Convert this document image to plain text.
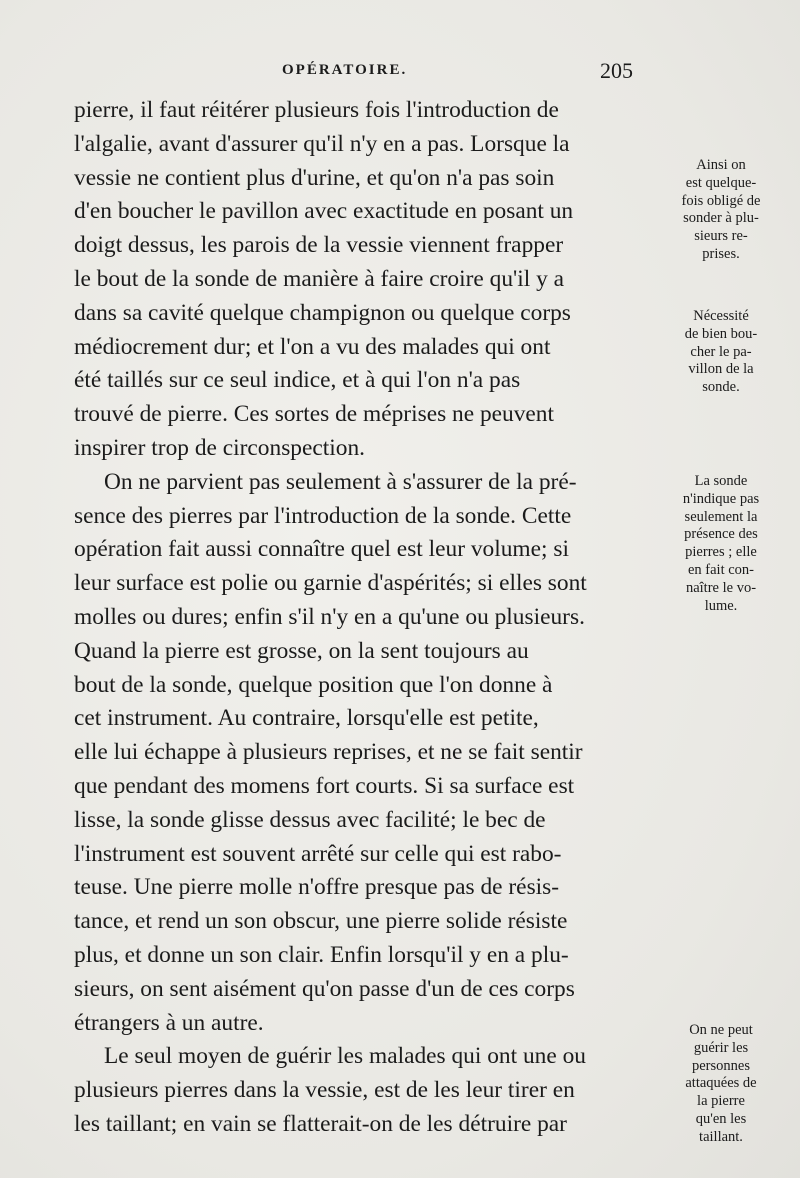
OPÉRATOIRE.	205
pierre, il faut réitérer plusieurs fois l'introduction de
l'algalie, avant d'assurer qu'il n'y en a pas. Lorsque la
vessie ne contient plus d'urine, et qu'on n'a pas soin
d'en boucher le pavillon avec exactitude en posant un
doigt dessus, les parois de la vessie viennent frapper
le bout de la sonde de manière à faire croire qu'il y a
dans sa cavité quelque champignon ou quelque corps
médiocrement dur; et l'on a vu des malades qui ont
été taillés sur ce seul indice, et à qui l'on n'a pas
trouvé de pierre. Ces sortes de méprises ne peuvent
inspirer trop de circonspection.
On ne parvient pas seulement à s'assurer de la pré-
sence des pierres par l'introduction de la sonde. Cette
opération fait aussi connaître quel est leur volume; si
leur surface est polie ou garnie d'aspérités; si elles sont
molles ou dures; enfin s'il n'y en a qu'une ou plusieurs.
Quand la pierre est grosse, on la sent toujours au
bout de la sonde, quelque position que l'on donne à
cet instrument. Au contraire, lorsqu'elle est petite,
elle lui échappe à plusieurs reprises, et ne se fait sentir
que pendant des momens fort courts. Si sa surface est
lisse, la sonde glisse dessus avec facilité; le bec de
l'instrument est souvent arrêté sur celle qui est rabo-
teuse. Une pierre molle n'offre presque pas de résis-
tance, et rend un son obscur, une pierre solide résiste
plus, et donne un son clair. Enfin lorsqu'il y en a plu-
sieurs, on sent aisément qu'on passe d'un de ces corps
étrangers à un autre.
Le seul moyen de guérir les malades qui ont une ou
plusieurs pierres dans la vessie, est de les leur tirer en
les taillant; en vain se flatterait-on de les détruire par
Ainsi on
est quelque-
fois obligé de
sonder à plu-
sieurs re-
prises.
Nécessité
de bien bou-
cher le pa-
villon de la
sonde.
La sonde
n'indique pas
seulement la
présence des
pierres ; elle
en fait con-
naître le vo-
lume.
On ne peut
guérir les
personnes
attaquées de
la pierre
qu'en les
taillant.
